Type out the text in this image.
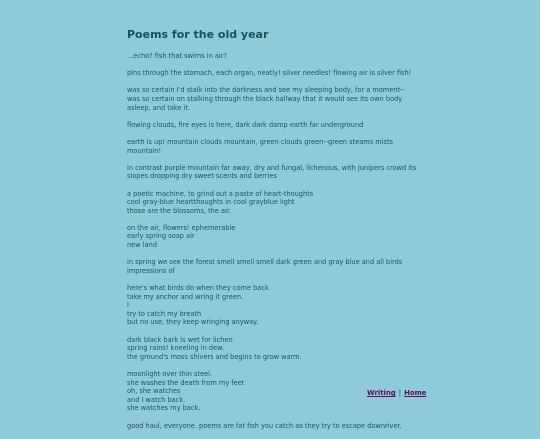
Poems for the old year
...echo? fish that swims in air?
pins through the stomach, each organ, neatly! silver needles! flowing air is silver fish!
was so certain I'd stalk into the darkness and see my sleeping body, for a moment--
was so certain on stalking through the black hallway that it would see its own body asleep, and take it.
flowing clouds, fire eyes is here, dark dark damp earth far underground
earth is up! mountain clouds mountain, green clouds green--green steams mists mountain!
in contrast purple mountain far away, dry and fungal, lichenous, with junipers crowd its slopes dropping dry sweet scents and berries
a poetic machine, to grind out a paste of heart-thoughts
cool gray-blue heartthoughts in cool grayblue light
those are the blossoms, the air.
on the air, flowers! ephemerable
early spring soap air
new land
in spring we see the forest smell smell smell dark green and gray blue and all birds impressions of
here's what birds do when they come back
take my anchor and wring it green.
I
try to catch my breath
but no use, they keep wringing anyway.
dark black bark is wet for lichen
spring rains! kneeling in dew.
the ground's moss shivers and begins to grow warm.
moonlight over thin steel.
she washes the death from my feet
oh, she watches
and I watch back.
she watches my back.
good haul, everyone. poems are fat fish you catch as they try to escape downriver.
Writing | Home
